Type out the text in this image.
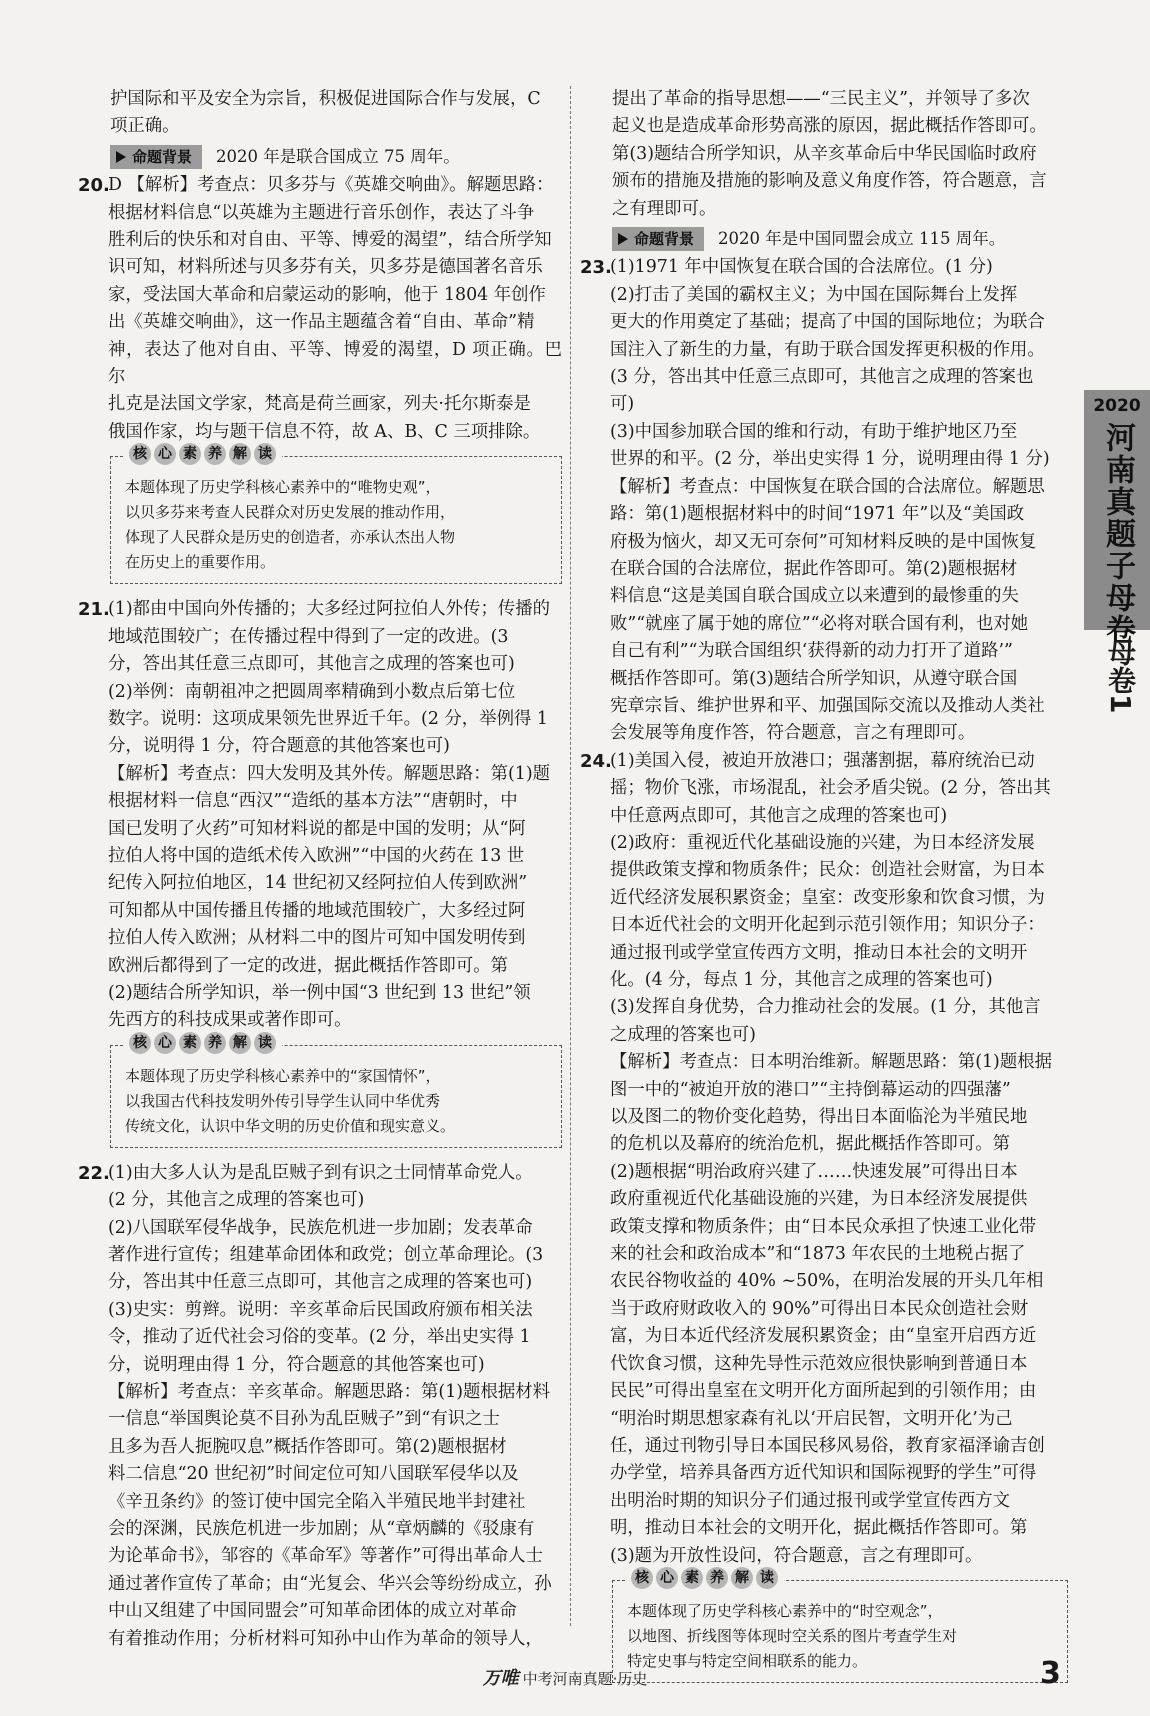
护国际和平及安全为宗旨，积极促进国际合作与发展，C

项正确。

命题背景 2020 年是联合国成立 75 周年。
20.

D 【解析】考查点：贝多芬与《英雄交响曲》。解题思路：

根据材料信息“以英雄为主题进行音乐创作，表达了斗争

胜利后的快乐和对自由、平等、博爱的渴望”，结合所学知

识可知，材料所述与贝多芬有关，贝多芬是德国著名音乐

家，受法国大革命和启蒙运动的影响，他于 1804 年创作

出《英雄交响曲》，这一作品主题蕴含着“自由、革命”精

神，表达了他对自由、平等、博爱的渴望，D 项正确。巴尔

扎克是法国文学家，梵高是荷兰画家，列夫·托尔斯泰是

俄国作家，均与题干信息不符，故 A、B、C 三项排除。

核 心 素 养 解 读
本题体现了历史学科核心素养中的“唯物史观”，
以贝多芬来考查人民群众对历史发展的推动作用，
体现了人民群众是历史的创造者，亦承认杰出人物
在历史上的重要作用。
21.

(1)都由中国向外传播的；大多经过阿拉伯人外传；传播的

地域范围较广；在传播过程中得到了一定的改进。(3

分，答出其任意三点即可，其他言之成理的答案也可)

(2)举例：南朝祖冲之把圆周率精确到小数点后第七位

数字。说明：这项成果领先世界近千年。(2 分，举例得 1

分，说明得 1 分，符合题意的其他答案也可)

【解析】考查点：四大发明及其外传。解题思路：第(1)题

根据材料一信息“西汉”“造纸的基本方法”“唐朝时，中

国已发明了火药”可知材料说的都是中国的发明；从“阿

拉伯人将中国的造纸术传入欧洲”“中国的火药在 13 世

纪传入阿拉伯地区，14 世纪初又经阿拉伯人传到欧洲”

可知都从中国传播且传播的地域范围较广，大多经过阿

拉伯人传入欧洲；从材料二中的图片可知中国发明传到

欧洲后都得到了一定的改进，据此概括作答即可。第

(2)题结合所学知识，举一例中国“3 世纪到 13 世纪”领

先西方的科技成果或著作即可。

核 心 素 养 解 读
本题体现了历史学科核心素养中的“家国情怀”，
以我国古代科技发明外传引导学生认同中华优秀
传统文化，认识中华文明的历史价值和现实意义。
22.

(1)由大多人认为是乱臣贼子到有识之士同情革命党人。

(2 分，其他言之成理的答案也可)

(2)八国联军侵华战争，民族危机进一步加剧；发表革命

著作进行宣传；组建革命团体和政党；创立革命理论。(3

分，答出其中任意三点即可，其他言之成理的答案也可)

(3)史实：剪辫。说明：辛亥革命后民国政府颁布相关法

令，推动了近代社会习俗的变革。(2 分，举出史实得 1

分，说明理由得 1 分，符合题意的其他答案也可)

【解析】考查点：辛亥革命。解题思路：第(1)题根据材料

一信息“举国舆论莫不目孙为乱臣贼子”到“有识之士

且多为吾人扼腕叹息”概括作答即可。第(2)题根据材

料二信息“20 世纪初”时间定位可知八国联军侵华以及

《辛丑条约》的签订使中国完全陷入半殖民地半封建社

会的深渊，民族危机进一步加剧；从“章炳麟的《驳康有

为论革命书》，邹容的《革命军》等著作”可得出革命人士

通过著作宣传了革命；由“光复会、华兴会等纷纷成立，孙

中山又组建了中国同盟会”可知革命团体的成立对革命

有着推动作用；分析材料可知孙中山作为革命的领导人，

提出了革命的指导思想——“三民主义”，并领导了多次

起义也是造成革命形势高涨的原因，据此概括作答即可。

第(3)题结合所学知识，从辛亥革命后中华民国临时政府

颁布的措施及措施的影响及意义角度作答，符合题意，言

之有理即可。

命题背景 2020 年是中国同盟会成立 115 周年。
23.

(1)1971 年中国恢复在联合国的合法席位。(1 分)

(2)打击了美国的霸权主义；为中国在国际舞台上发挥

更大的作用奠定了基础；提高了中国的国际地位；为联合

国注入了新生的力量，有助于联合国发挥更积极的作用。

(3 分，答出其中任意三点即可，其他言之成理的答案也

可)

(3)中国参加联合国的维和行动，有助于维护地区乃至

世界的和平。(2 分，举出史实得 1 分，说明理由得 1 分)

【解析】考查点：中国恢复在联合国的合法席位。解题思

路：第(1)题根据材料中的时间“1971 年”以及“美国政

府极为恼火，却又无可奈何”可知材料反映的是中国恢复

在联合国的合法席位，据此作答即可。第(2)题根据材

料信息“这是美国自联合国成立以来遭到的最惨重的失

败”“就座了属于她的席位”“必将对联合国有利，也对她

自己有利”“为联合国组织‘获得新的动力打开了道路’”

概括作答即可。第(3)题结合所学知识，从遵守联合国

宪章宗旨、维护世界和平、加强国际交流以及推动人类社

会发展等角度作答，符合题意，言之有理即可。

24.

(1)美国入侵，被迫开放港口；强藩割据，幕府统治已动

摇；物价飞涨，市场混乱，社会矛盾尖锐。(2 分，答出其

中任意两点即可，其他言之成理的答案也可)

(2)政府：重视近代化基础设施的兴建，为日本经济发展

提供政策支撑和物质条件；民众：创造社会财富，为日本

近代经济发展积累资金；皇室：改变形象和饮食习惯，为

日本近代社会的文明开化起到示范引领作用；知识分子：

通过报刊或学堂宣传西方文明，推动日本社会的文明开

化。(4 分，每点 1 分，其他言之成理的答案也可)

(3)发挥自身优势，合力推动社会的发展。(1 分，其他言

之成理的答案也可)

【解析】考查点：日本明治维新。解题思路：第(1)题根据

图一中的“被迫开放的港口”“主持倒幕运动的四强藩”

以及图二的物价变化趋势，得出日本面临沦为半殖民地

的危机以及幕府的统治危机，据此概括作答即可。第

(2)题根据“明治政府兴建了……快速发展”可得出日本

政府重视近代化基础设施的兴建，为日本经济发展提供

政策支撑和物质条件；由“日本民众承担了快速工业化带

来的社会和政治成本”和“1873 年农民的土地税占据了

农民谷物收益的 40% ~50%，在明治发展的开头几年相

当于政府财政收入的 90%”可得出日本民众创造社会财

富，为日本近代经济发展积累资金；由“皇室开启西方近

代饮食习惯，这种先导性示范效应很快影响到普通日本

民民”可得出皇室在文明开化方面所起到的引领作用；由

“明治时期思想家森有礼以‘开启民智，文明开化’为己

任，通过刊物引导日本国民移风易俗，教育家福泽谕吉创

办学堂，培养具备西方近代知识和国际视野的学生”可得

出明治时期的知识分子们通过报刊或学堂宣传西方文

明，推动日本社会的文明开化，据此概括作答即可。第

(3)题为开放性设问，符合题意，言之有理即可。

核 心 素 养 解 读
本题体现了历史学科核心素养中的“时空观念”，
以地图、折线图等体现时空关系的图片考查学生对
特定史事与特定空间相联系的能力。
2020
河南真题子母卷
母卷1
万唯 中考河南真题·历史	3
